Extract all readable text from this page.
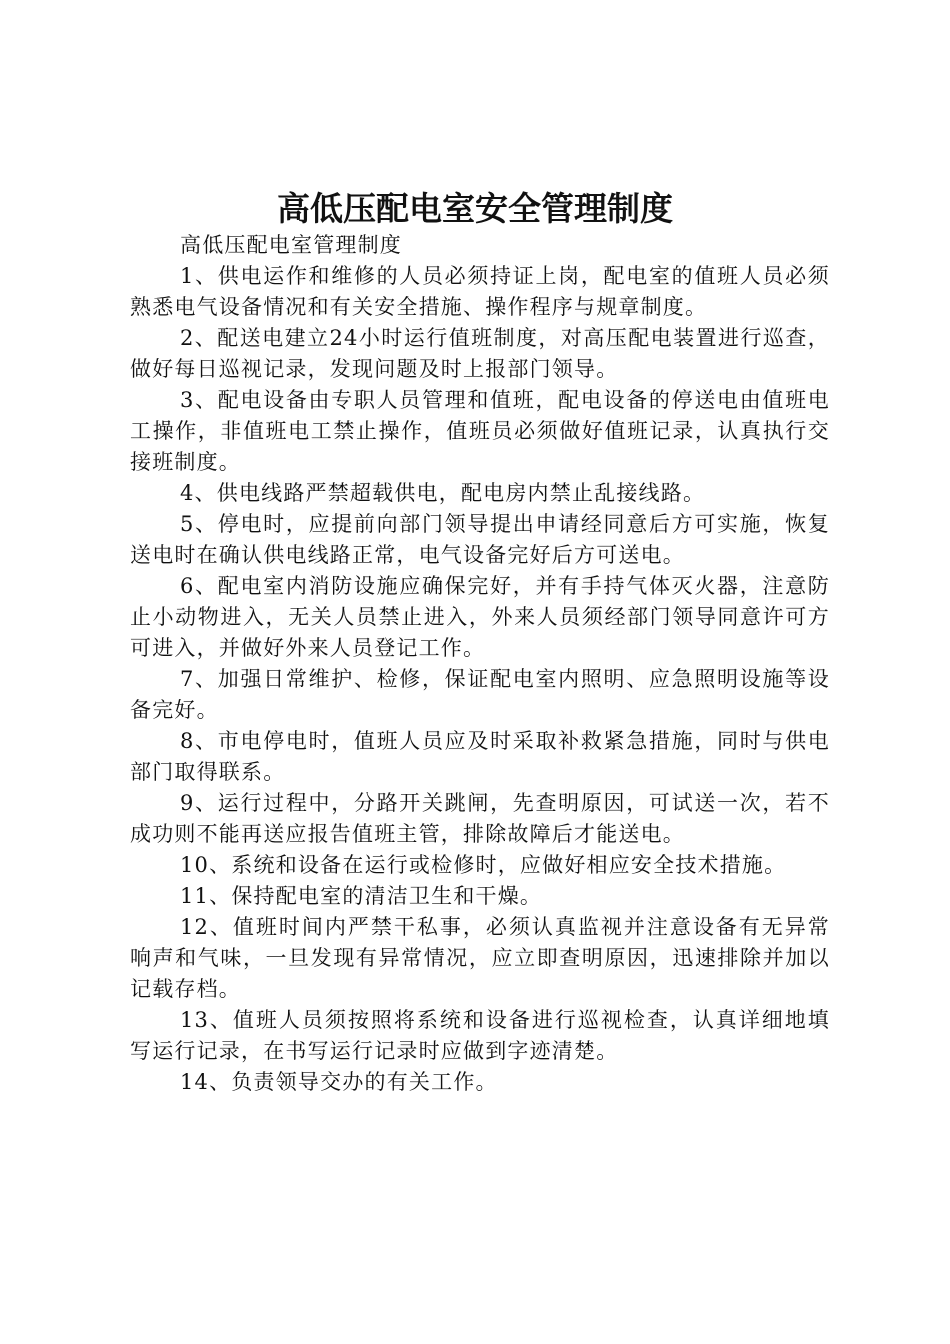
高低压配电室安全管理制度

高低压配电室管理制度

1、供电运作和维修的人员必须持证上岗，配电室的值班人员必须熟悉电气设备情况和有关安全措施、操作程序与规章制度。

2、配送电建立24小时运行值班制度，对高压配电装置进行巡查，做好每日巡视记录，发现问题及时上报部门领导。

3、配电设备由专职人员管理和值班，配电设备的停送电由值班电工操作，非值班电工禁止操作，值班员必须做好值班记录，认真执行交接班制度。

4、供电线路严禁超载供电，配电房内禁止乱接线路。

5、停电时，应提前向部门领导提出申请经同意后方可实施，恢复送电时在确认供电线路正常，电气设备完好后方可送电。

6、配电室内消防设施应确保完好，并有手持气体灭火器，注意防止小动物进入，无关人员禁止进入，外来人员须经部门领导同意许可方可进入，并做好外来人员登记工作。

7、加强日常维护、检修，保证配电室内照明、应急照明设施等设备完好。

8、市电停电时，值班人员应及时采取补救紧急措施，同时与供电部门取得联系。

9、运行过程中，分路开关跳闸，先查明原因，可试送一次，若不成功则不能再送应报告值班主管，排除故障后才能送电。

10、系统和设备在运行或检修时，应做好相应安全技术措施。

11、保持配电室的清洁卫生和干燥。

12、值班时间内严禁干私事，必须认真监视并注意设备有无异常响声和气味，一旦发现有异常情况，应立即查明原因，迅速排除并加以记载存档。

13、值班人员须按照将系统和设备进行巡视检查，认真详细地填写运行记录，在书写运行记录时应做到字迹清楚。

14、负责领导交办的有关工作。
